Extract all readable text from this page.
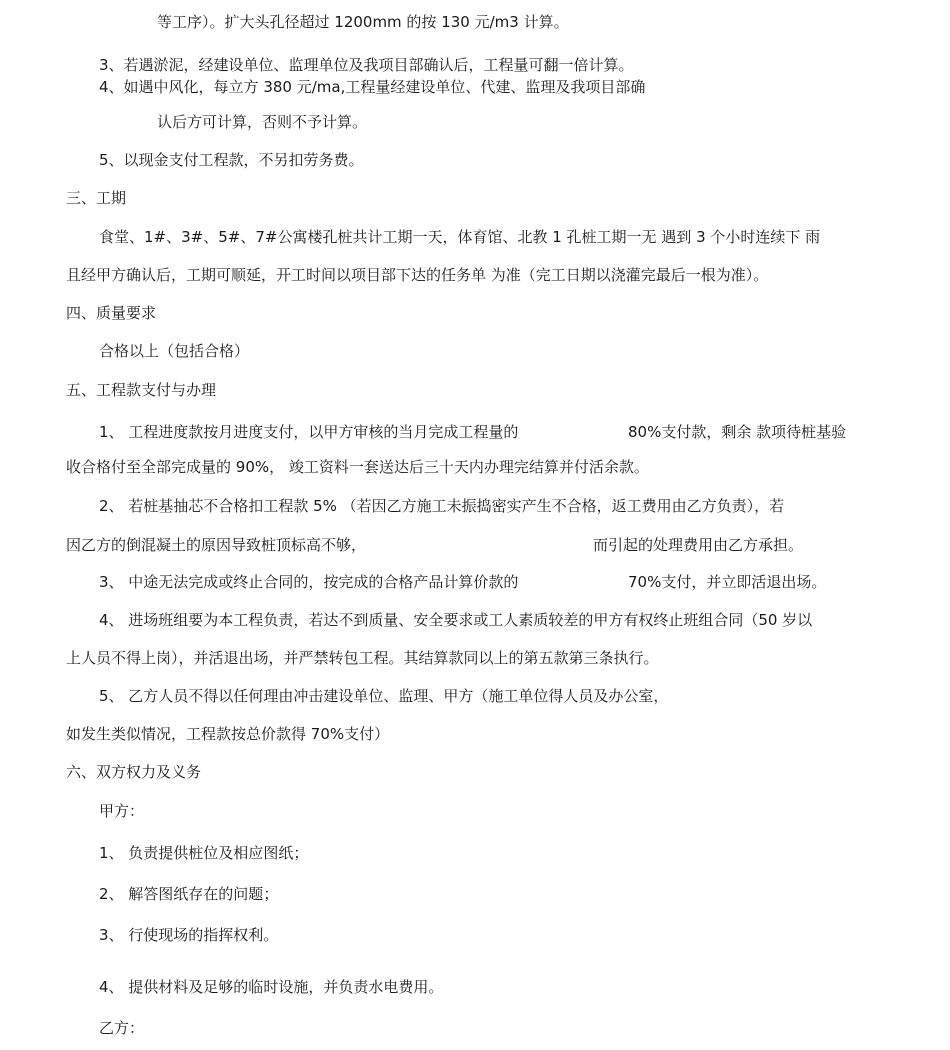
等工序）。扩大头孔径超过 1200mm 的按 130 元/m3 计算。

3、若遇淤泥，经建设单位、监理单位及我项目部确认后，工程量可翻一倍计算。

4、如遇中风化，每立方 380 元/ma,工程量经建设单位、代建、监理及我项目部确

认后方可计算，否则不予计算。

5、以现金支付工程款，不另扣劳务费。

三、工期

食堂、1#、3#、5#、7#公寓楼孔桩共计工期一天，体育馆、北教 1 孔桩工期一无 遇到 3 个小时连续下 雨

且经甲方确认后，工期可顺延，开工时间以项目部下达的任务单 为准（完工日期以浇灌完最后一根为准）。

四、质量要求

合格以上（包括合格）

五、工程款支付与办理

1、 工程进度款按月进度支付，以甲方审核的当月完成工程量的	80%支付款，剩余 款项待桩基验

收合格付至全部完成量的 90%， 竣工资料一套送达后三十天内办理完结算并付活余款。

2、 若桩基抽芯不合格扣工程款 5% （若因乙方施工未振捣密实产生不合格，返工费用由乙方负责），若

因乙方的倒混凝土的原因导致桩顶标高不够，	而引起的处理费用由乙方承担。

3、 中途无法完成或终止合同的，按完成的合格产品计算价款的	70%支付，并立即活退出场。

4、 进场班组要为本工程负责，若达不到质量、安全要求或工人素质较差的甲方有权终止班组合同（50 岁以

上人员不得上岗），并活退出场，并严禁转包工程。其结算款同以上的第五款第三条执行。

5、 乙方人员不得以任何理由冲击建设单位、监理、甲方（施工单位得人员及办公室，

如发生类似情况，工程款按总价款得 70%支付）

六、双方权力及义务

甲方：

1、 负责提供桩位及相应图纸；

2、 解答图纸存在的问题；

3、 行使现场的指挥权利。

4、 提供材料及足够的临时设施，并负责水电费用。

乙方：
